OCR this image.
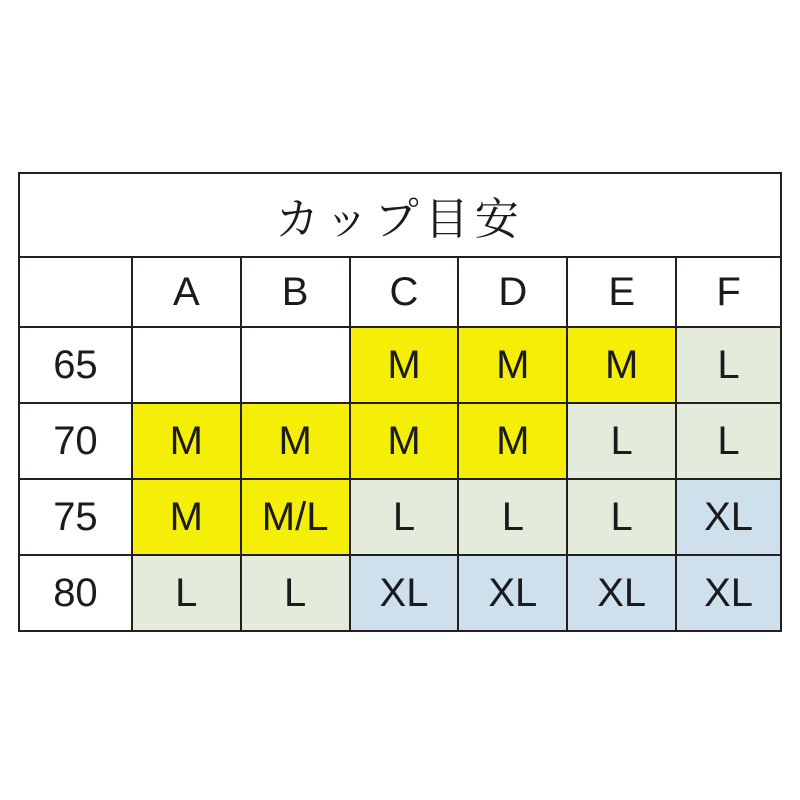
カップ目安						
	A	B	C	D	E	F
65			M	M	M	L
70	M	M	M	M	L	L
75	M	M/L	L	L	L	XL
80	L	L	XL	XL	XL	XL
